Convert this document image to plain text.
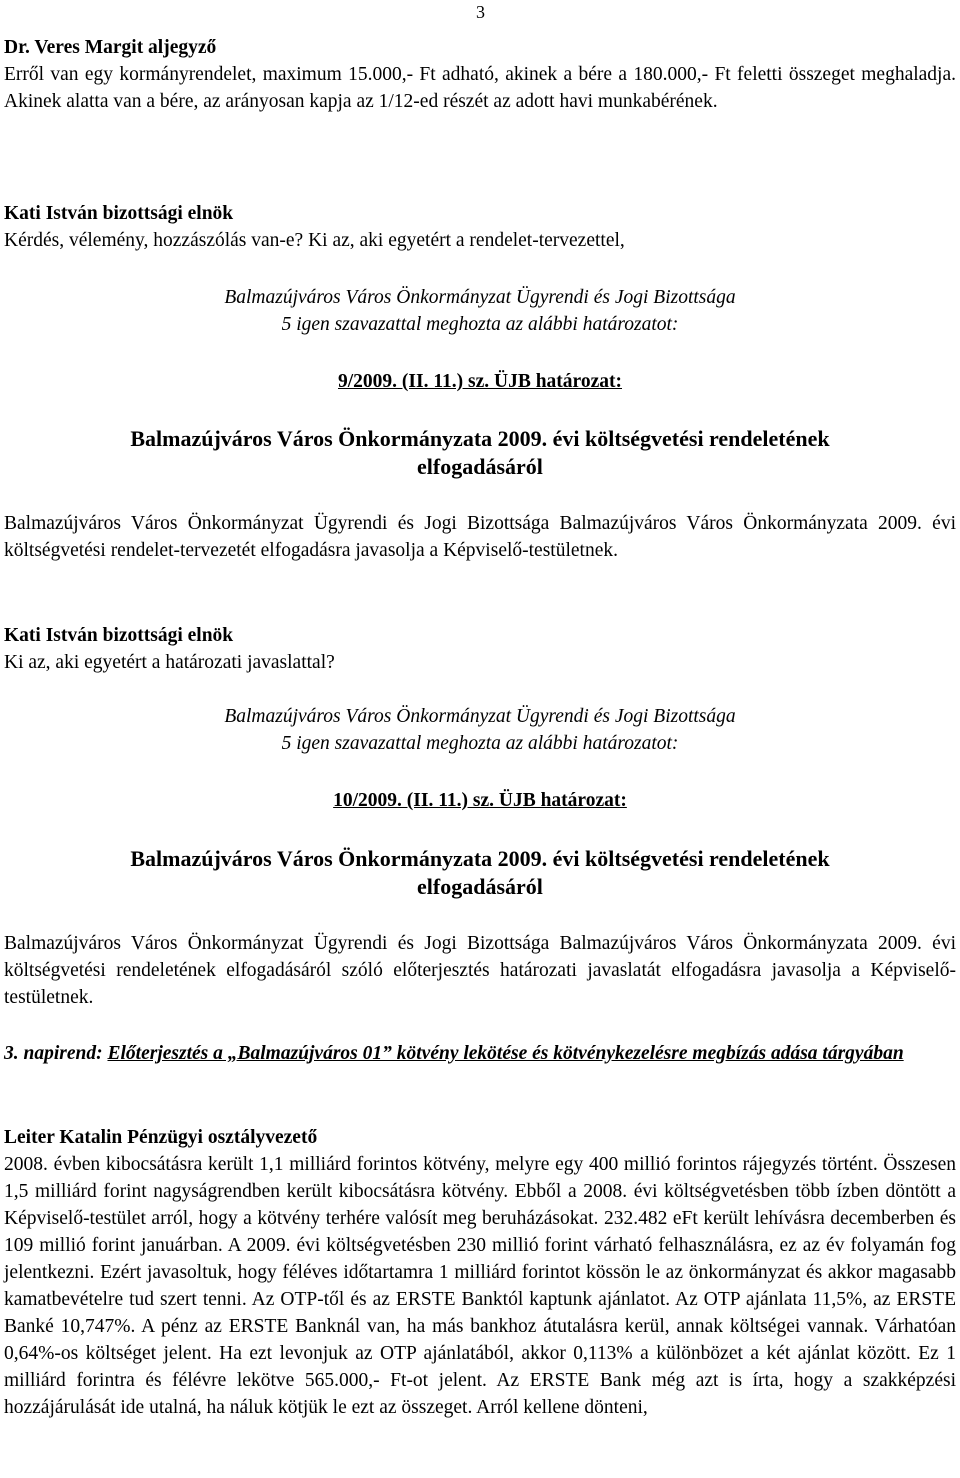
3

Dr. Veres Margit aljegyző

Erről van egy kormányrendelet, maximum 15.000,- Ft adható, akinek a bére a 180.000,- Ft feletti összeget meghaladja. Akinek alatta van a bére, az arányosan kapja az 1/12-ed részét az adott havi munkabérének.

Kati István bizottsági elnök

Kérdés, vélemény, hozzászólás van-e? Ki az, aki egyetért a rendelet-tervezettel,

Balmazújváros Város Önkormányzat Ügyrendi és Jogi Bizottsága

5 igen szavazattal meghozta az alábbi határozatot:

9/2009. (II. 11.) sz. ÜJB határozat:

Balmazújváros Város Önkormányzata 2009. évi költségvetési rendeletének

elfogadásáról

Balmazújváros Város Önkormányzat Ügyrendi és Jogi Bizottsága Balmazújváros Város Önkormányzata 2009. évi költségvetési rendelet-tervezetét elfogadásra javasolja a Képviselő-testületnek.

Kati István bizottsági elnök

Ki az, aki egyetért a határozati javaslattal?

Balmazújváros Város Önkormányzat Ügyrendi és Jogi Bizottsága

5 igen szavazattal meghozta az alábbi határozatot:

10/2009. (II. 11.) sz. ÜJB határozat:

Balmazújváros Város Önkormányzata 2009. évi költségvetési rendeletének

elfogadásáról

Balmazújváros Város Önkormányzat Ügyrendi és Jogi Bizottsága Balmazújváros Város Önkormányzata 2009. évi költségvetési rendeletének elfogadásáról szóló előterjesztés határozati javaslatát elfogadásra javasolja a Képviselő-testületnek.
3. napirend: Előterjesztés a „Balmazújváros 01” kötvény lekötése és kötvénykezelésre megbízás adása tárgyában

Leiter Katalin Pénzügyi osztályvezető

2008. évben kibocsátásra került 1,1 milliárd forintos kötvény, melyre egy 400 millió forintos rájegyzés történt. Összesen 1,5 milliárd forint nagyságrendben került kibocsátásra kötvény. Ebből a 2008. évi költségvetésben több ízben döntött a Képviselő-testület arról, hogy a kötvény terhére valósít meg beruházásokat. 232.482 eFt került lehívásra decemberben és 109 millió forint januárban. A 2009. évi költségvetésben 230 millió forint várható felhasználásra, ez az év folyamán fog jelentkezni. Ezért javasoltuk, hogy féléves időtartamra 1 milliárd forintot kössön le az önkormányzat és akkor magasabb kamatbevételre tud szert tenni. Az OTP-től és az ERSTE Banktól kaptunk ajánlatot. Az OTP ajánlata 11,5%, az ERSTE Banké 10,747%. A pénz az ERSTE Banknál van, ha más bankhoz átutalásra kerül, annak költségei vannak. Várhatóan 0,64%-os költséget jelent. Ha ezt levonjuk az OTP ajánlatából, akkor 0,113% a különbözet a két ajánlat között. Ez 1 milliárd forintra és félévre lekötve 565.000,- Ft-ot jelent. Az ERSTE Bank még azt is írta, hogy a szakképzési hozzájárulását ide utalná, ha náluk kötjük le ezt az összeget. Arról kellene dönteni,
